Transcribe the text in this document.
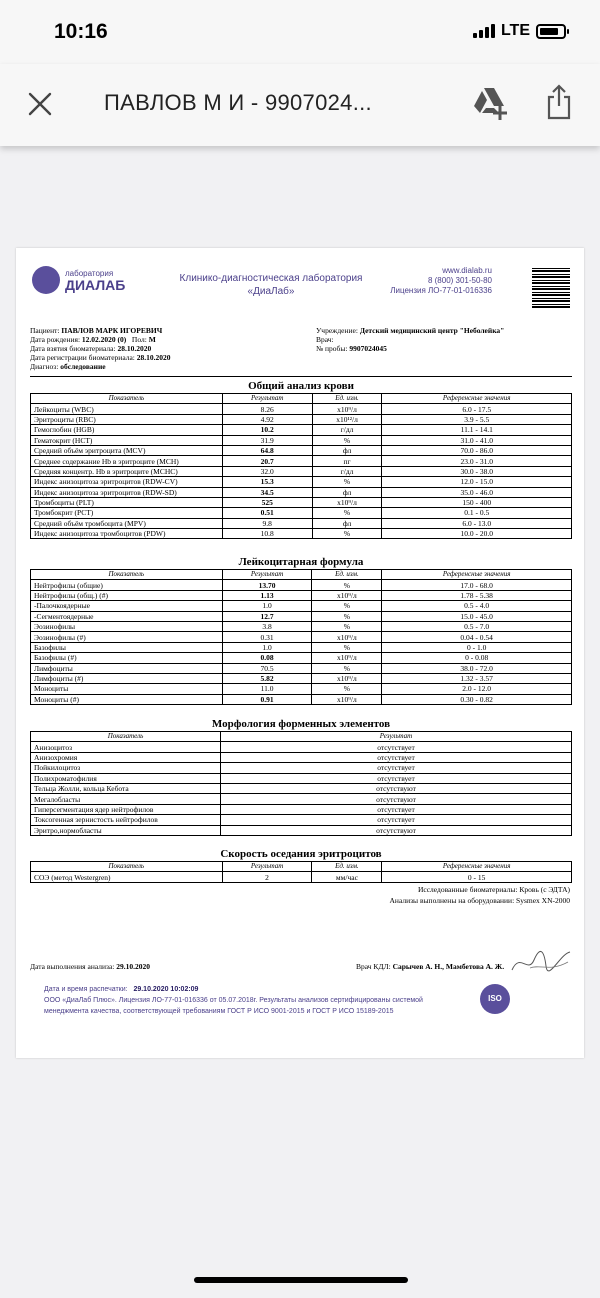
10:16	LTE
ПАВЛОВ М И - 9907024...
лаборатория
ДИАЛАБ	Клинико-диагностическая лаборатория
«ДиаЛаб»
www.dialab.ru
8 (800) 301-50-80
Лицензия ЛО-77-01-016336
Пациент: ПАВЛОВ МАРК ИГОРЕВИЧ
Дата рождения: 12.02.2020 (0) Пол: М
Дата взятия биоматериала: 28.10.2020
Дата регистрации биоматериала: 28.10.2020
Диагноз: обследование
Учреждение: Детский медицинский центр "Неболейка"
Врач:
№ пробы: 9907024045
Общий анализ крови
Показатель	Результат	Ед. изм.	Референсные значения
Лейкоциты (WBC)	8.26	x10⁹/л	6.0 - 17.5
Эритроциты (RBC)	4.92	x10¹²/л	3.9 - 5.5
Гемоглобин (HGB)	10.2	г/дл	11.1 - 14.1
Гематокрит (HCT)	31.9	%	31.0 - 41.0
Средний объём эритроцита (MCV)	64.8	фл	70.0 - 86.0
Среднее содержание Hb в эритроците (MCH)	20.7	пг	23.0 - 31.0
Средняя концентр. Hb в эритроците (MCHC)	32.0	г/дл	30.0 - 38.0
Индекс анизоцитоза эритроцитов (RDW-CV)	15.3	%	12.0 - 15.0
Индекс анизоцитоза эритроцитов (RDW-SD)	34.5	фл	35.0 - 46.0
Тромбоциты (PLT)	525	x10⁹/л	150 - 400
Тромбокрит (PCT)	0.51	%	0.1 - 0.5
Средний объём тромбоцита (MPV)	9.8	фл	6.0 - 13.0
Индекс анизоцитоза тромбоцитов (PDW)	10.8	%	10.0 - 20.0
Лейкоцитарная формула
Показатель	Результат	Ед. изм.	Референсные значения
Нейтрофилы (общие)	13.70	%	17.0 - 68.0
Нейтрофилы (общ.) (#)	1.13	x10⁹/л	1.78 - 5.38
-Палочкоядерные	1.0	%	0.5 - 4.0
-Сегментоядерные	12.7	%	15.0 - 45.0
Эозинофилы	3.8	%	0.5 - 7.0
Эозинофилы (#)	0.31	x10⁹/л	0.04 - 0.54
Базофилы	1.0	%	0 - 1.0
Базофилы (#)	0.08	x10⁹/л	0 - 0.08
Лимфоциты	70.5	%	38.0 - 72.0
Лимфоциты (#)	5.82	x10⁹/л	1.32 - 3.57
Моноциты	11.0	%	2.0 - 12.0
Моноциты (#)	0.91	x10⁹/л	0.30 - 0.82
Морфология форменных элементов
Показатель	Результат
Анизоцитоз	отсутствует
Анизохромия	отсутствует
Пойкилоцитоз	отсутствует
Полихроматофилия	отсутствует
Тельца Жолли, кольца Кебота	отсутствуют
Мегалобласты	отсутствуют
Гиперсегментация ядер нейтрофилов	отсутствует
Токсогенная зернистость нейтрофилов	отсутствует
Эритро,нормобласты	отсутствуют
Скорость оседания эритроцитов
Показатель	Результат	Ед. изм.	Референсные значения
СОЭ (метод Westergren)	2	мм/час	0 - 15
Исследованные биоматериалы: Кровь (с ЭДТА)
Анализы выполнены на оборудовании: Sysmex XN-2000
Дата выполнения анализа: 29.10.2020	Врач КДЛ: Сарычев А. Н., Мамбетова А. Ж.
Дата и время распечатки: 29.10.2020 10:02:09
ООО «ДиаЛаб Плюс». Лицензия ЛО-77-01-016336 от 05.07.2018г. Результаты анализов сертифицированы системой
менеджмента качества, соответствующей требованиям ГОСТ Р ИСО 9001-2015 и ГОСТ Р ИСО 15189-2015
ISO
